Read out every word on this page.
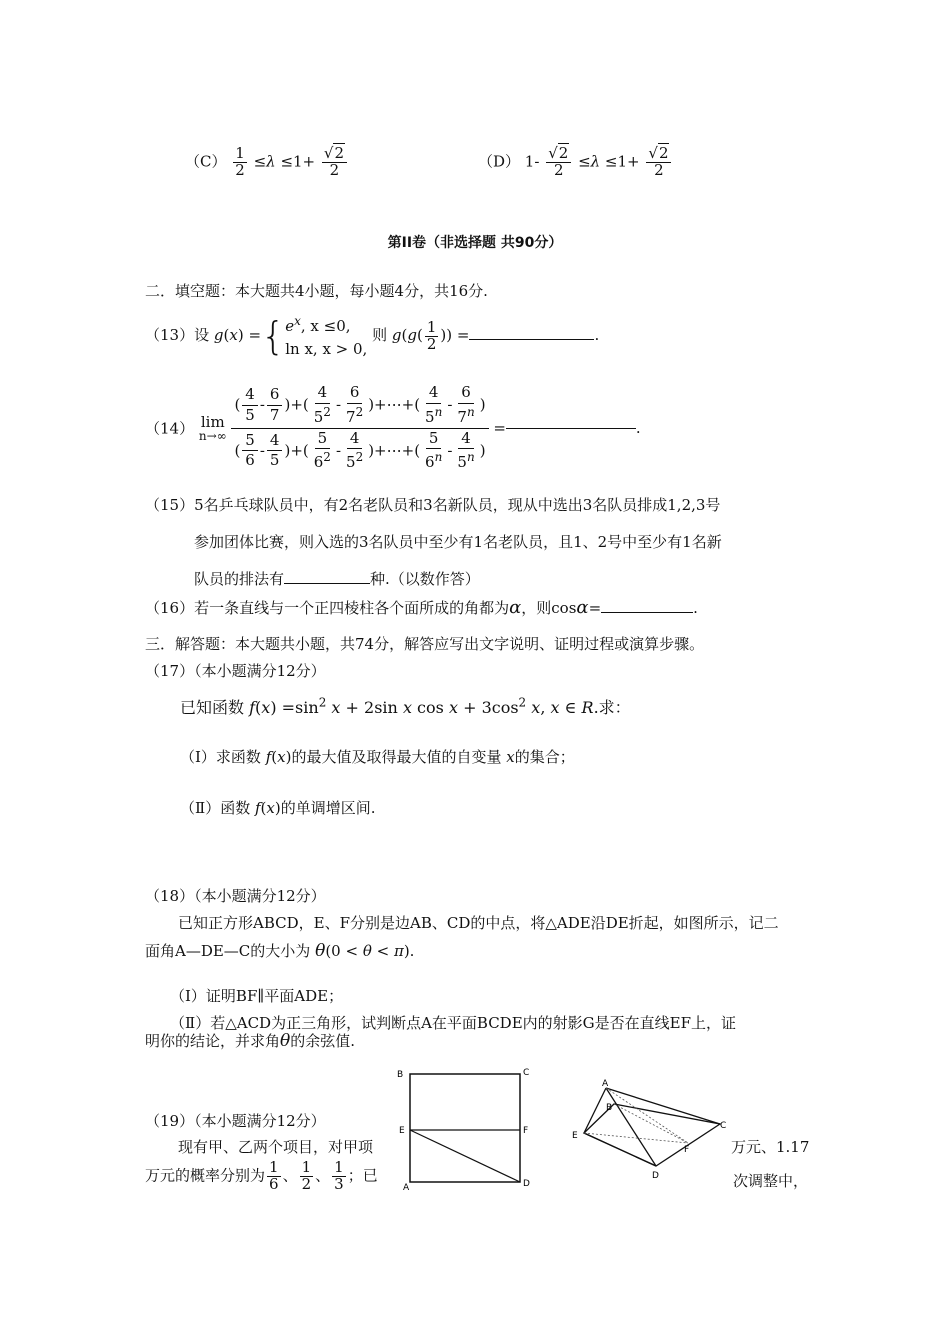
$(C) \frac{1}{2} \le\lambda \le 1+ \frac{√2}{2}$	（D） $1- \frac{√2}{2} \le\lambda \le 1+ \frac{√2}{2}$
第II卷（非选择题 共90分）
二．填空题：本大题共4小题，每小题4分，共16分.
（13）设 g(x) ={ $e^x$, x ≤0,
ln x, x > 0,
则 $g(g( \frac{1}{2}$ )) =	.
（14） lim
n→∞
$\frac{( \frac{4}{5} - \frac{6}{7} )+( \frac{4}{5^2} - \frac{6}{7^2} )+\cdots+( \frac{4}{5^n} - \frac{6}{7^n} )}{( \frac{5}{6} - \frac{4}{5} )+( \frac{5}{6^2} - \frac{4}{5^2} )+\cdots+( \frac{5}{6^n} - \frac{4}{5^n} )}$ =	.
（15）5名乒乓球队员中，有2名老队员和3名新队员，现从中选出3名队员排成1,2,3号
参加团体比赛，则入选的3名队员中至少有1名老队员，且1、2号中至少有1名新
队员的排法有	种.（以数作答）
（16）若一条直线与一个正四棱柱各个面所成的角都为α，则cosα=	.
三．解答题：本大题共小题，共74分，解答应写出文字说明、证明过程或演算步骤。
（17）（本小题满分12分）
已知函数 $f(x) =\sin^2$ x + 2sin x $\cos x + 3\cos^2$ x, x ∈ R.求：
（Ⅰ）求函数 f(x)的最大值及取得最大值的自变量 x的集合；
（Ⅱ）函数 f(x)的单调增区间.
（18）（本小题满分12分）
已知正方形ABCD，E、F分别是边AB、CD的中点，将△ADE沿DE折起，如图所示，记二
面角A—DE—C的大小为 θ(0 < θ < π).
（Ⅰ）证明BF∥平面ADE；
（Ⅱ）若△ACD为正三角形，试判断点A在平面BCDE内的射影G是否在直线EF上，证
明你的结论，并求角θ的余弦值.
（19）（本小题满分12分）
现有甲、乙两个项目，对甲项	万元、1.17
万元的概率分别为 $\frac{1}{6}$ 、 $\frac{1}{2}$ 、 $\frac{1}{3}$ ；已	次调整中，
B	C
E	F
A	D
A
B
C
E
F
D
